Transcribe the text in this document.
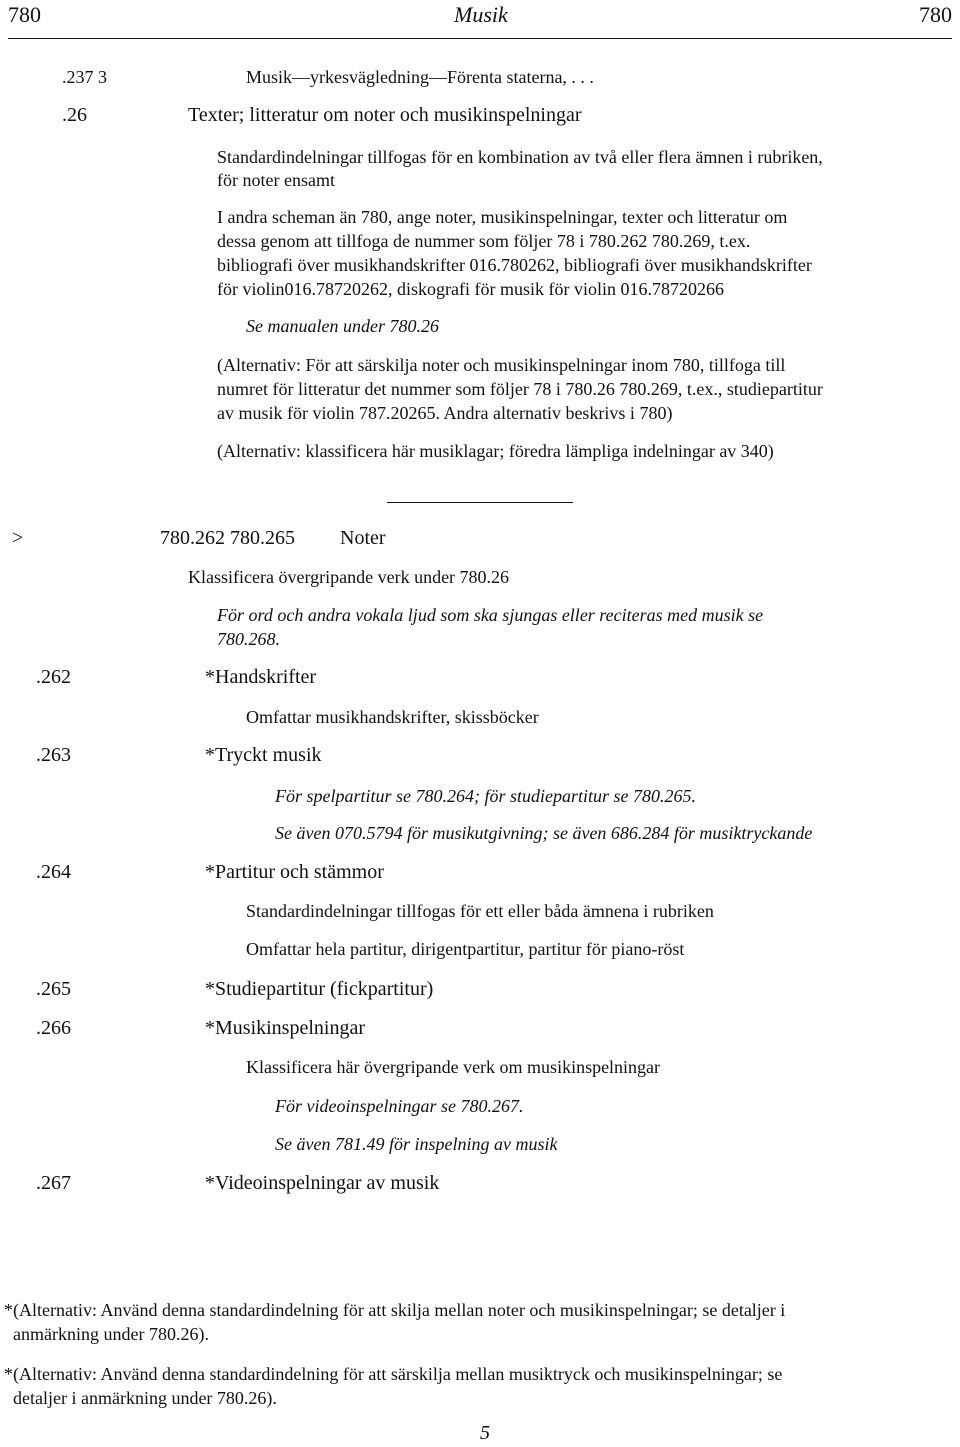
780	Musik	780
.237 3	Musik—yrkesvägledning—Förenta staterna, . . .
.26	Texter; litteratur om noter och musikinspelningar
Standardindelningar tillfogas för en kombination av två eller flera ämnen i rubriken,
för noter ensamt
I andra scheman än 780, ange noter, musikinspelningar, texter och litteratur om
dessa genom att tillfoga de nummer som följer 78 i 780.262 780.269, t.ex.
bibliografi över musikhandskrifter 016.780262, bibliografi över musikhandskrifter
för violin016.78720262, diskografi för musik för violin 016.78720266
Se manualen under 780.26
(Alternativ: För att särskilja noter och musikinspelningar inom 780, tillfoga till
numret för litteratur det nummer som följer 78 i 780.26 780.269, t.ex., studiepartitur
av musik för violin 787.20265. Andra alternativ beskrivs i 780)
(Alternativ: klassificera här musiklagar; föredra lämpliga indelningar av 340)
>	780.262 780.265 Noter
Klassificera övergripande verk under 780.26
För ord och andra vokala ljud som ska sjungas eller reciteras med musik se
780.268.
.262	*Handskrifter
Omfattar musikhandskrifter, skissböcker
.263	*Tryckt musik
För spelpartitur se 780.264; för studiepartitur se 780.265.
Se även 070.5794 för musikutgivning; se även 686.284 för musiktryckande
.264	*Partitur och stämmor
Standardindelningar tillfogas för ett eller båda ämnena i rubriken
Omfattar hela partitur, dirigentpartitur, partitur för piano-röst
.265	*Studiepartitur (fickpartitur)
.266	*Musikinspelningar
Klassificera här övergripande verk om musikinspelningar
För videoinspelningar se 780.267.
Se även 781.49 för inspelning av musik
.267	*Videoinspelningar av musik
*(Alternativ: Använd denna standardindelning för att skilja mellan noter och musikinspelningar; se detaljer i
anmärkning under 780.26).
*(Alternativ: Använd denna standardindelning för att särskilja mellan musiktryck och musikinspelningar; se
detaljer i anmärkning under 780.26).
5
